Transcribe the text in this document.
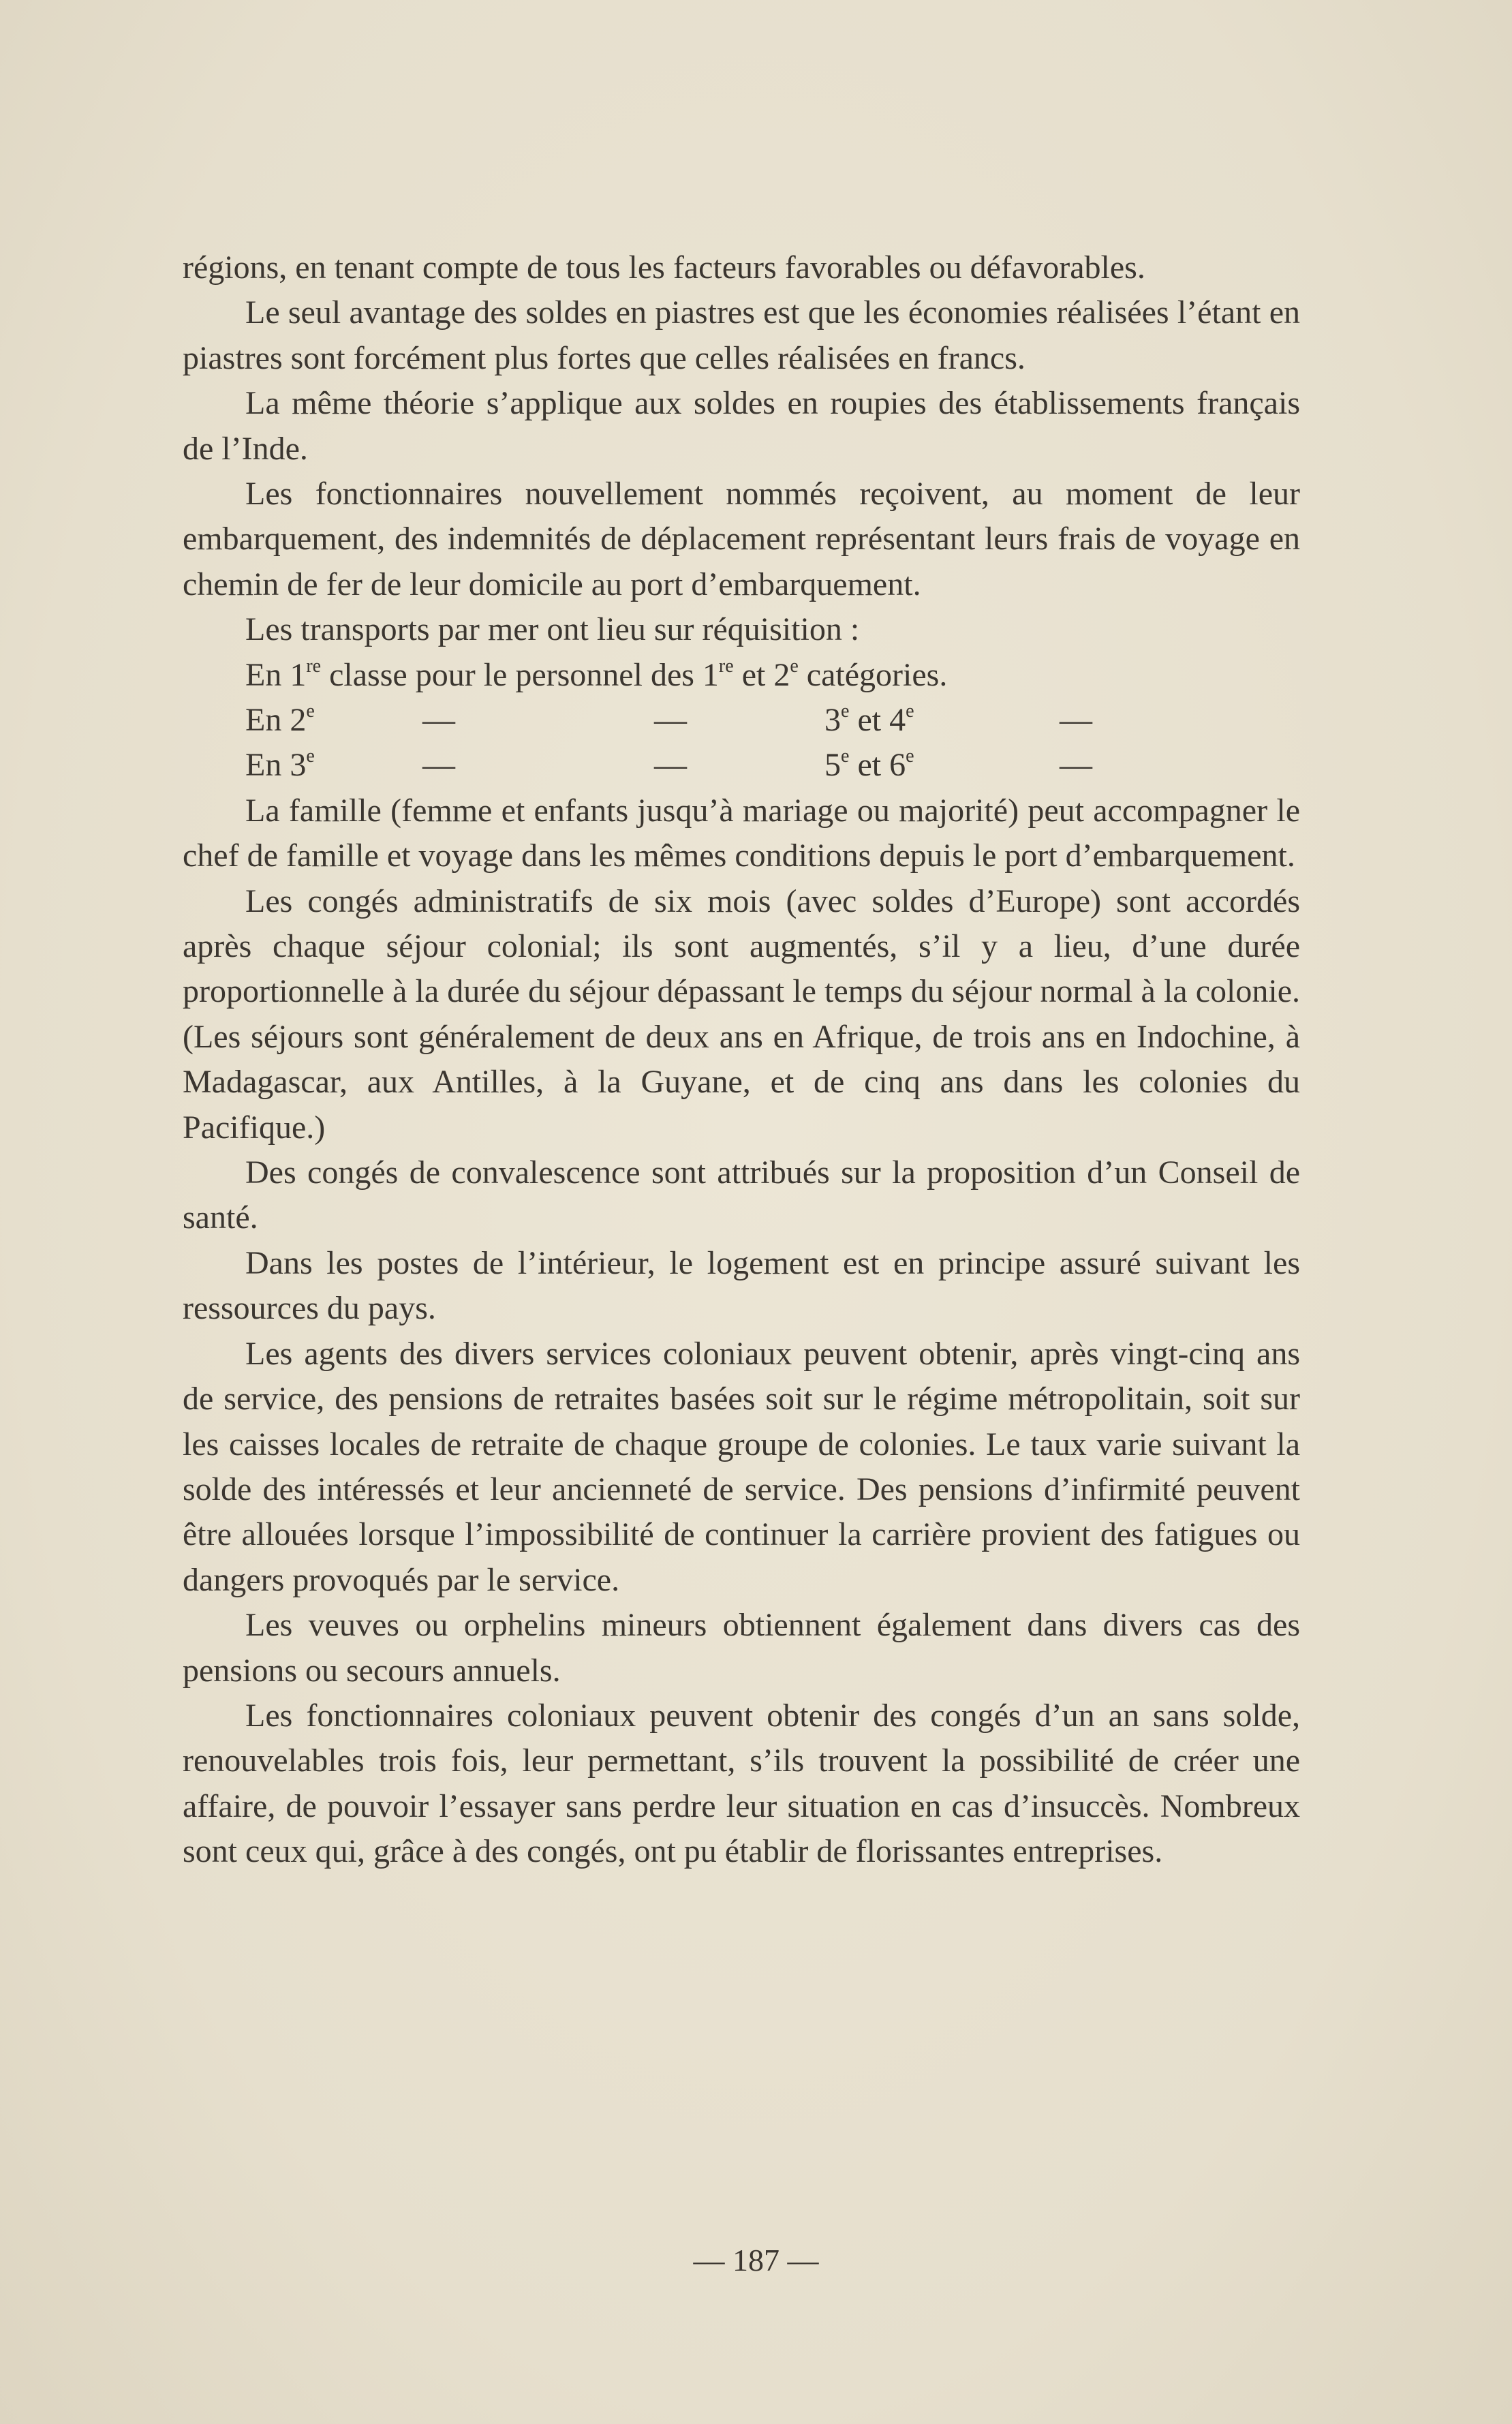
régions, en tenant compte de tous les facteurs favorables ou défavorables.

Le seul avantage des soldes en piastres est que les économies réalisées l’étant en piastres sont forcément plus fortes que celles réalisées en francs.

La même théorie s’applique aux soldes en roupies des établissements français de l’Inde.

Les fonctionnaires nouvellement nommés reçoivent, au moment de leur embarquement, des indemnités de déplacement représentant leurs frais de voyage en chemin de fer de leur domicile au port d’embarquement.

Les transports par mer ont lieu sur réquisition :

En 1re classe pour le personnel des 1re et 2e catégories.
En 2e	—	—	3e et 4e	—
En 3e	—	—	5e et 6e	—

La famille (femme et enfants jusqu’à mariage ou majorité) peut accompagner le chef de famille et voyage dans les mêmes conditions depuis le port d’embarquement.

Les congés administratifs de six mois (avec soldes d’Europe) sont accordés après chaque séjour colonial; ils sont augmentés, s’il y a lieu, d’une durée proportionnelle à la durée du séjour dépassant le temps du séjour normal à la colonie. (Les séjours sont généralement de deux ans en Afrique, de trois ans en Indochine, à Madagascar, aux Antilles, à la Guyane, et de cinq ans dans les colonies du Pacifique.)

Des congés de convalescence sont attribués sur la proposition d’un Conseil de santé.

Dans les postes de l’intérieur, le logement est en principe assuré suivant les ressources du pays.

Les agents des divers services coloniaux peuvent obtenir, après vingt-cinq ans de service, des pensions de retraites basées soit sur le régime métropolitain, soit sur les caisses locales de retraite de chaque groupe de colonies. Le taux varie suivant la solde des intéressés et leur ancienneté de service. Des pensions d’infirmité peuvent être allouées lorsque l’impossibilité de continuer la carrière provient des fatigues ou dangers provoqués par le service.

Les veuves ou orphelins mineurs obtiennent également dans divers cas des pensions ou secours annuels.

Les fonctionnaires coloniaux peuvent obtenir des congés d’un an sans solde, renouvelables trois fois, leur permettant, s’ils trouvent la possibilité de créer une affaire, de pouvoir l’essayer sans perdre leur situation en cas d’insuccès. Nombreux sont ceux qui, grâce à des congés, ont pu établir de florissantes entreprises.

— 187 —
